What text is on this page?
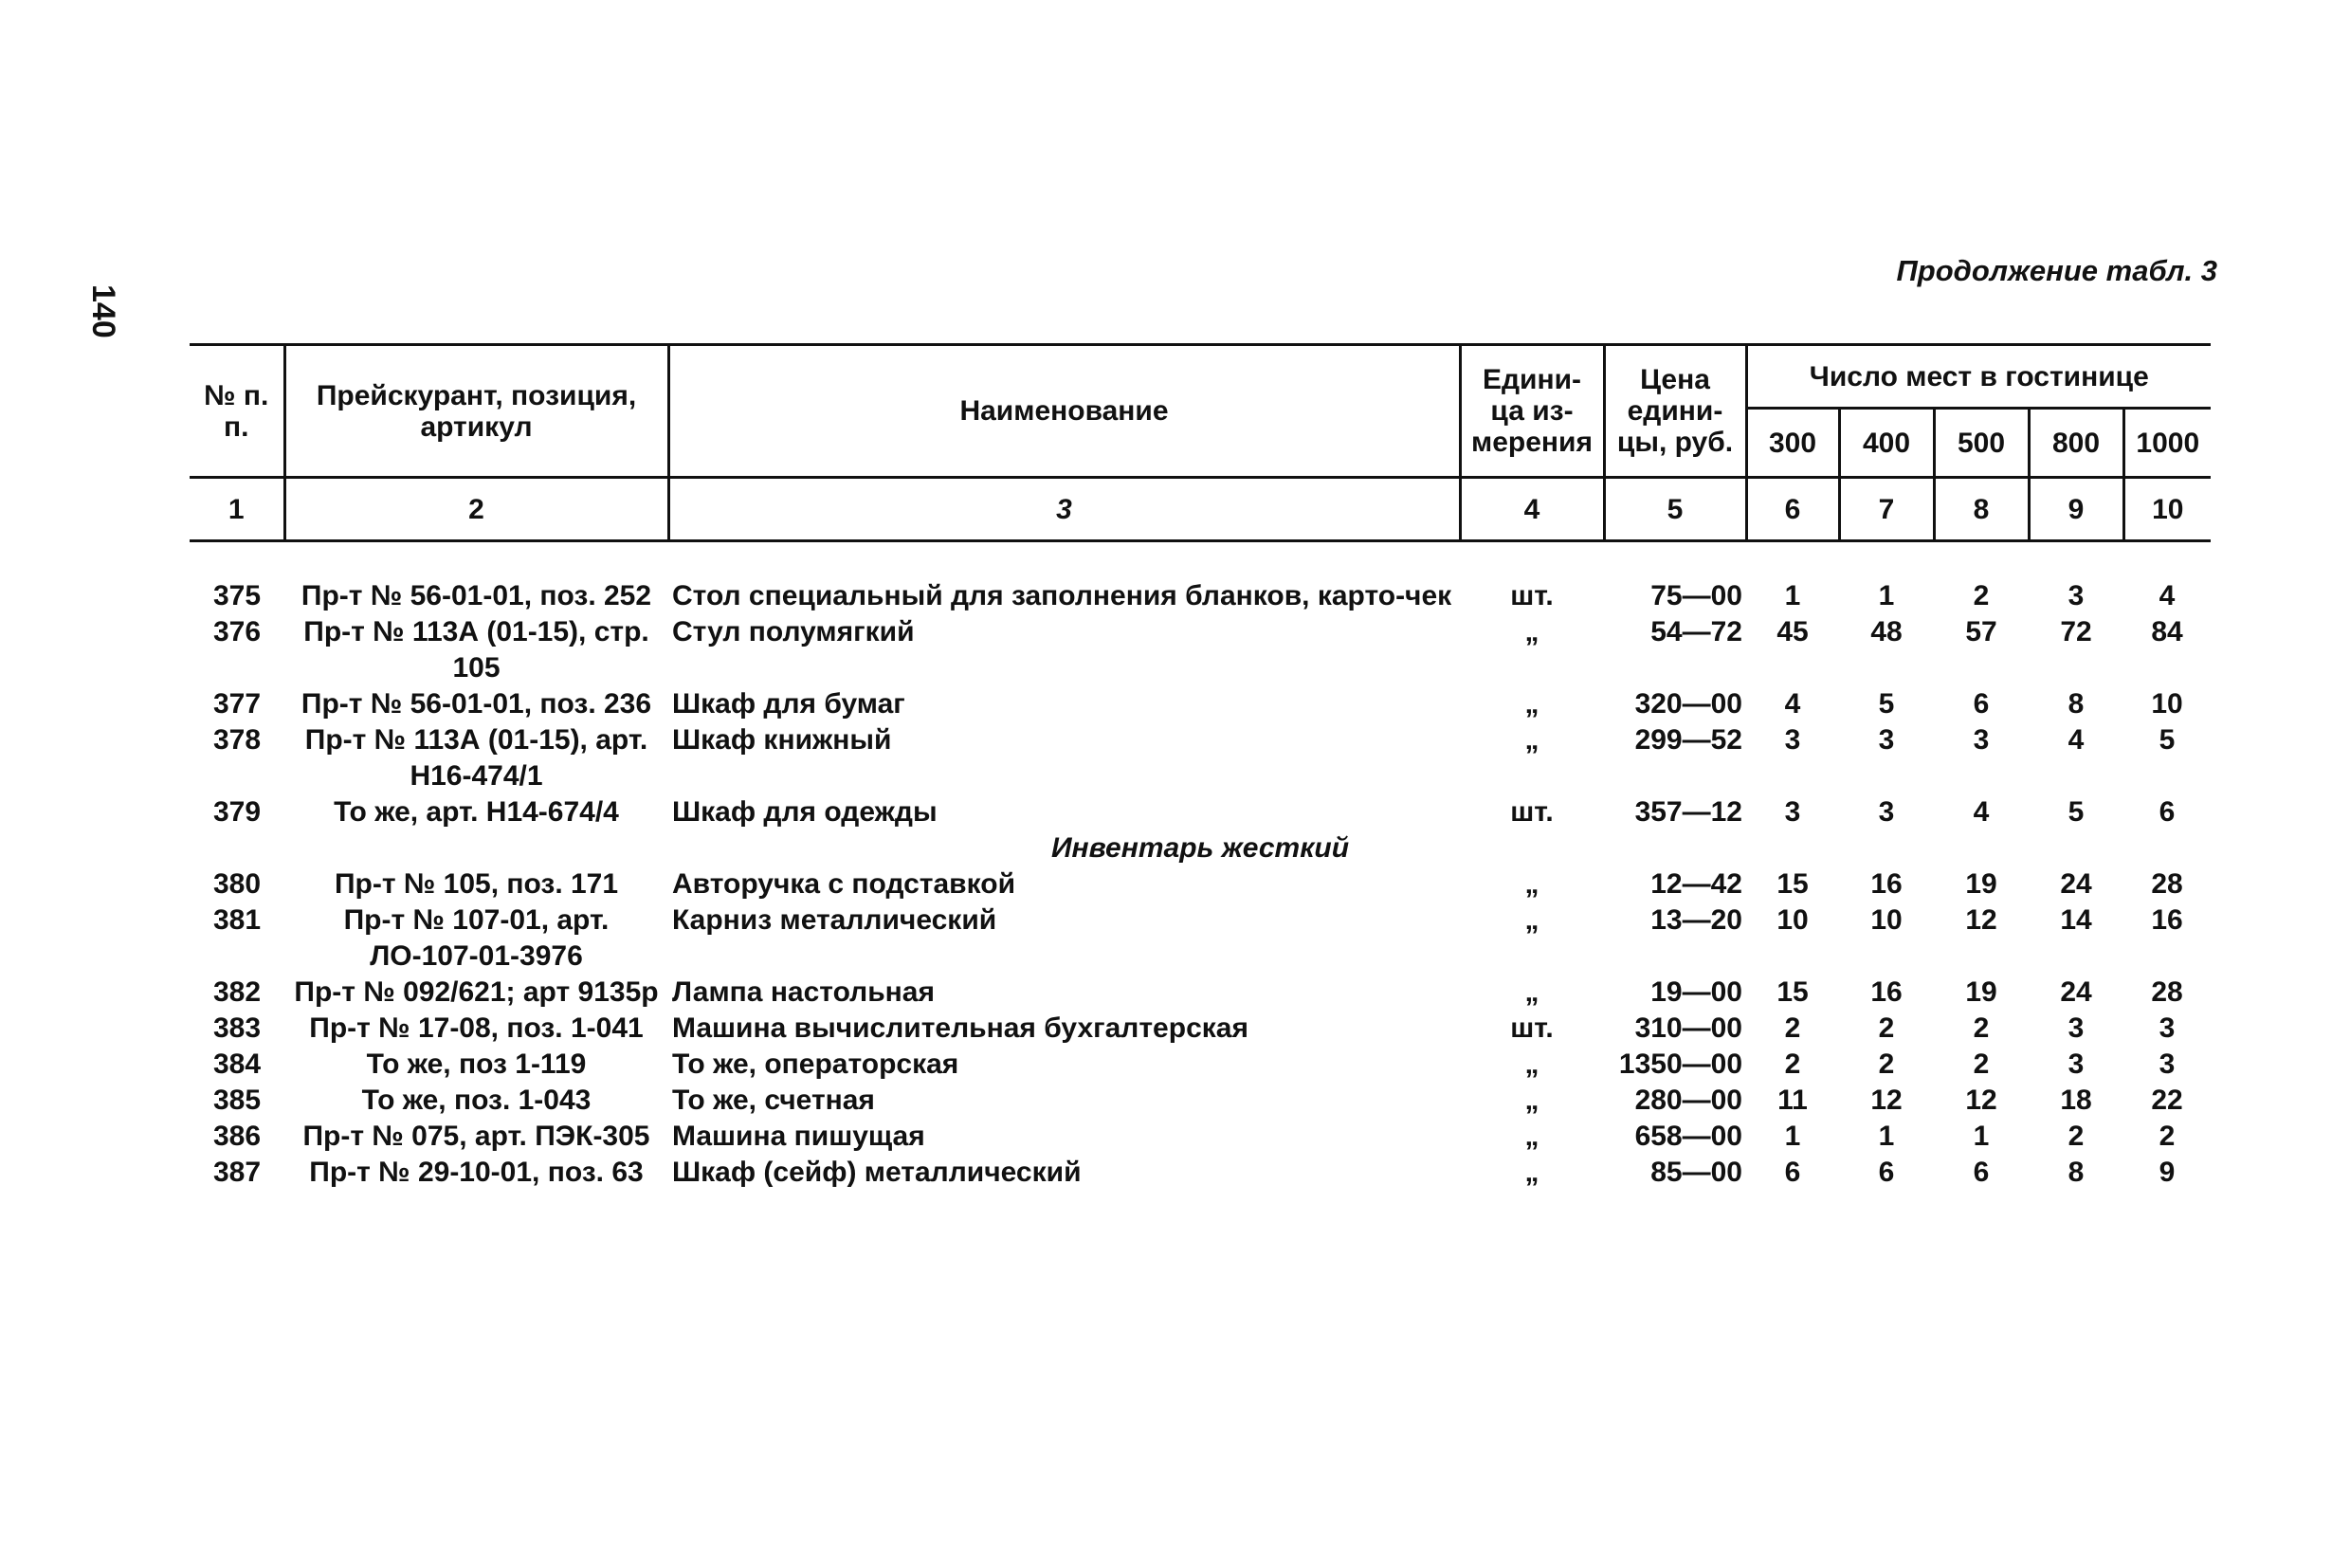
140
Продолжение табл. 3
№ п. п.	Прейскурант, позиция, артикул	Наименование	Едини- ца из- мерения	Цена едини- цы, руб.	Число мест в гостинице				
					300	400	500	800	1000
1	2	3	4	5	6	7	8	9	10

375	Пр-т № 56-01-01, поз. 252	Стол специальный для заполнения бланков, карто-чек	шт.	75—00	1	1	2	3	4
376	Пр-т № 113А (01-15), стр. 105	Стул полумягкий	„	54—72	45	48	57	72	84
377	Пр-т № 56-01-01, поз. 236	Шкаф для бумаг	„	320—00	4	5	6	8	10
378	Пр-т № 113А (01-15), арт. Н16-474/1	Шкаф книжный	„	299—52	3	3	3	4	5
379	То же, арт. Н14-674/4	Шкаф для одежды	шт.	357—12	3	3	4	5	6
Инвентарь жесткий									
380	Пр-т № 105, поз. 171	Авторучка с подставкой	„	12—42	15	16	19	24	28
381	Пр-т № 107-01, арт. ЛО-107-01-3976	Карниз металлический	„	13—20	10	10	12	14	16
382	Пр-т № 092/621; арт 9135р	Лампа настольная	„	19—00	15	16	19	24	28
383	Пр-т № 17-08, поз. 1-041	Машина вычислительная бухгалтерская	шт.	310—00	2	2	2	3	3
384	То же, поз 1-119	То же, операторская	„	1350—00	2	2	2	3	3
385	То же, поз. 1-043	То же, счетная	„	280—00	11	12	12	18	22
386	Пр-т № 075, арт. ПЭК-305	Машина пишущая	„	658—00	1	1	1	2	2
387	Пр-т № 29-10-01, поз. 63	Шкаф (сейф) металлический	„	85—00	6	6	6	8	9
